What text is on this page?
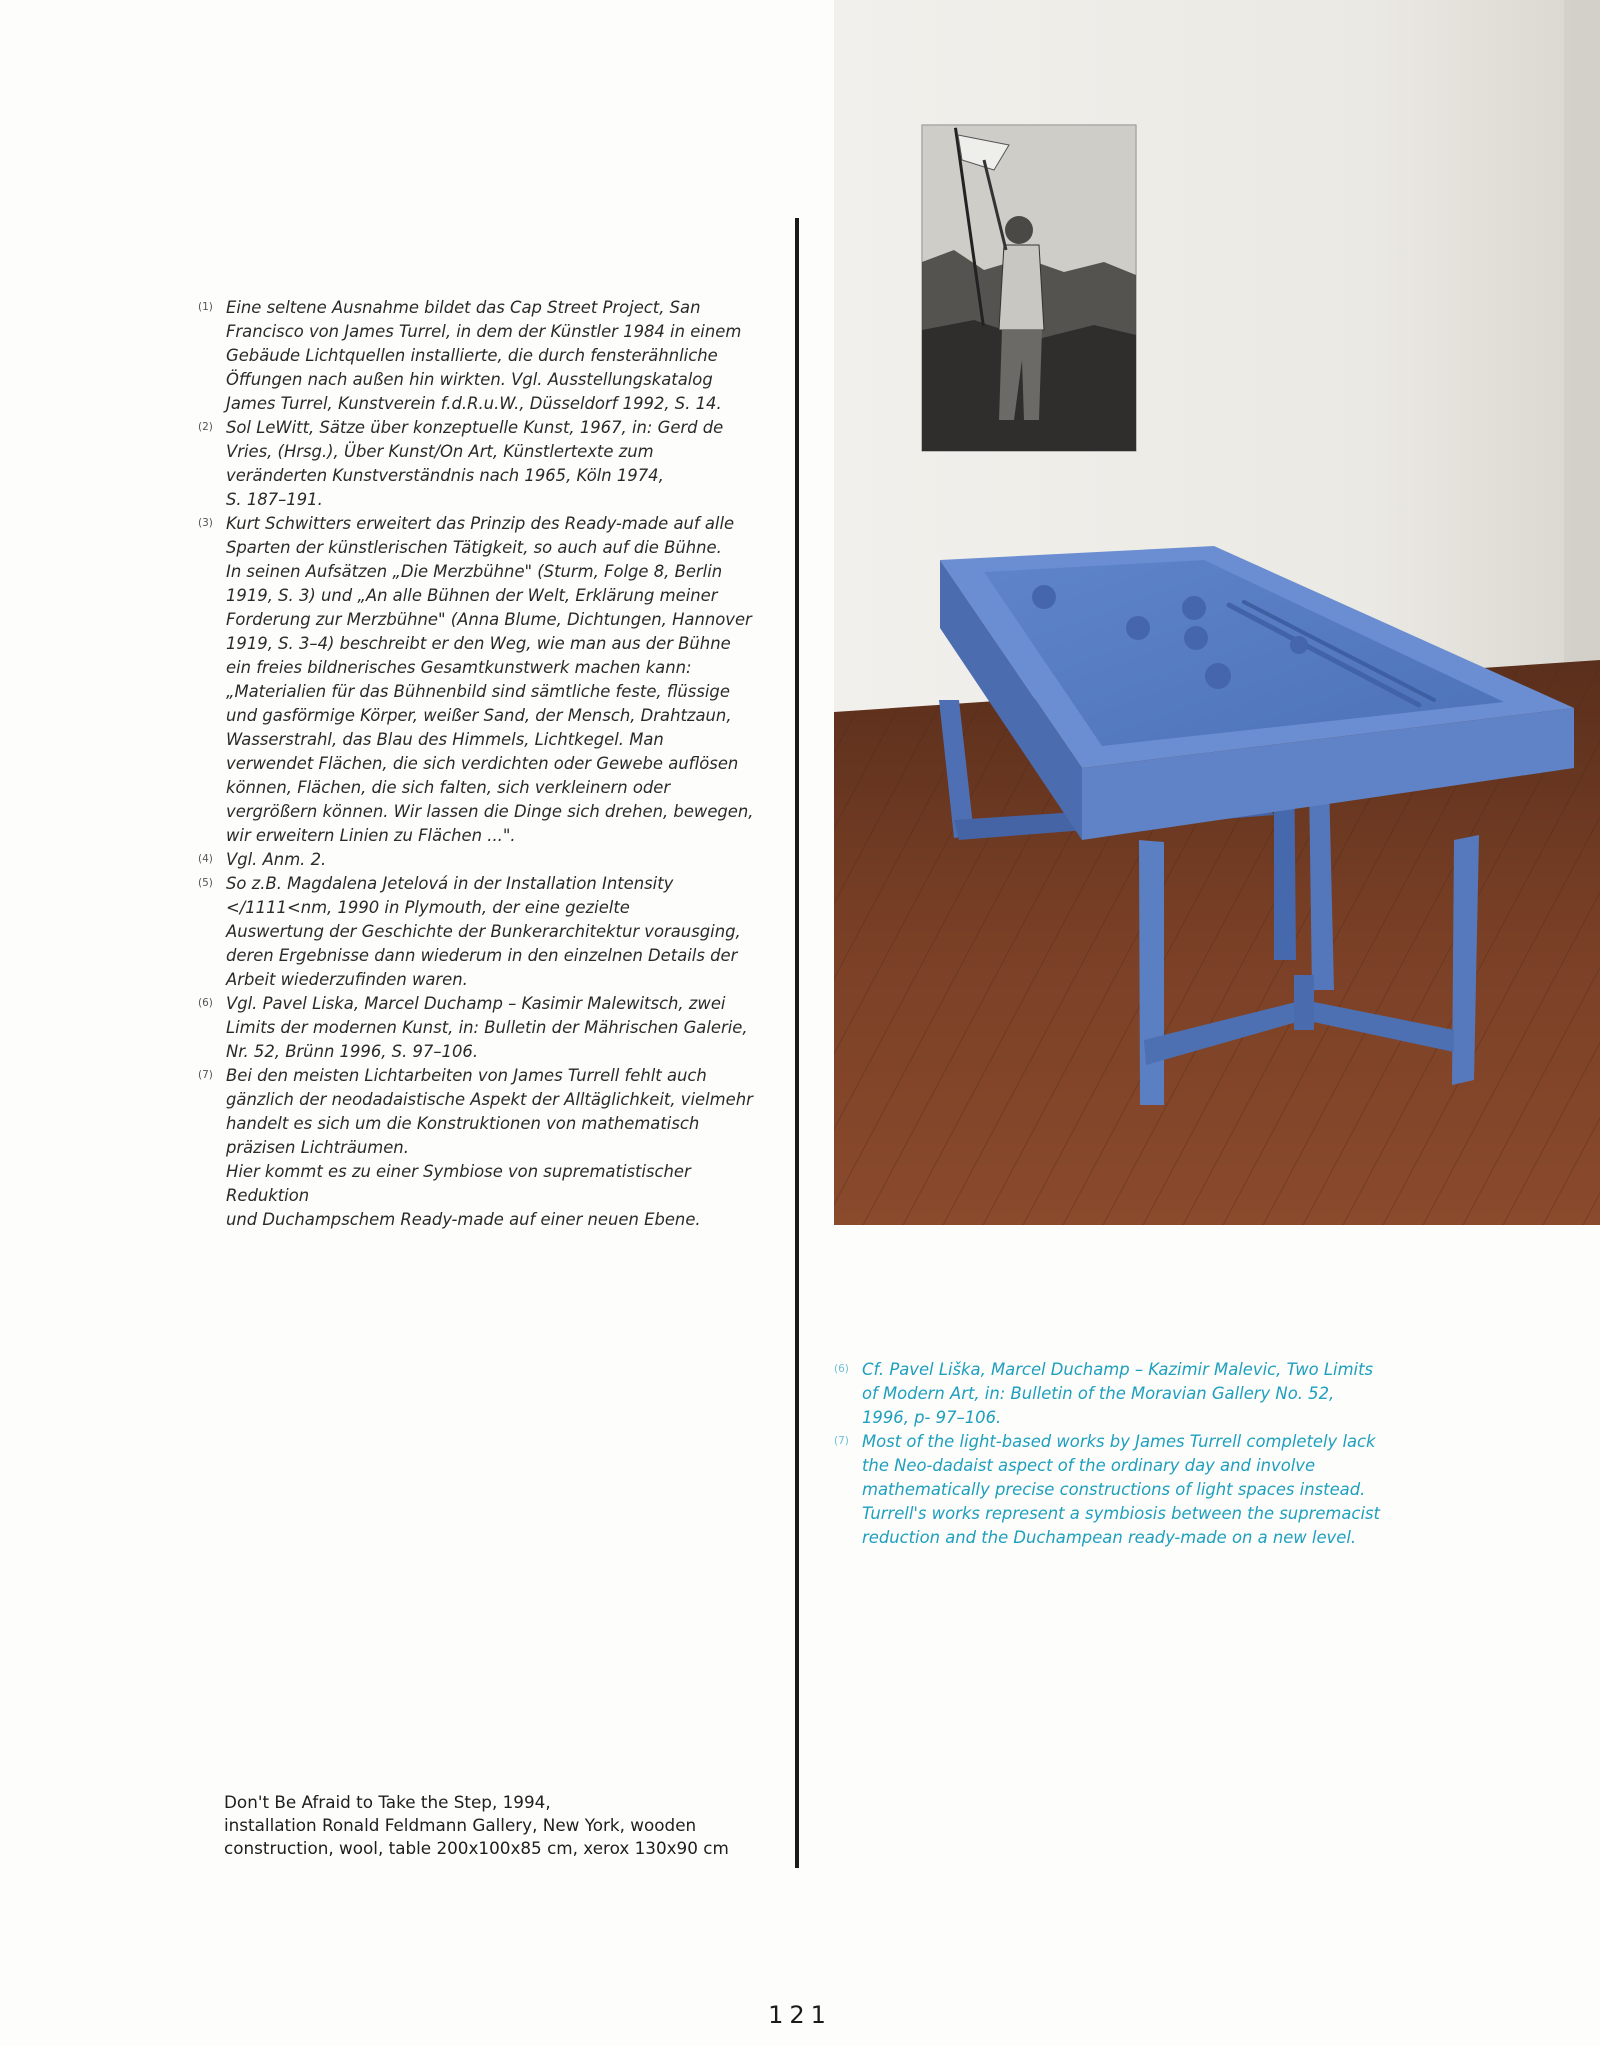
(1) Eine seltene Ausnahme bildet das Cap Street Project, San
Francisco von James Turrel, in dem der Künstler 1984 in einem
Gebäude Lichtquellen installierte, die durch fensterähnliche
Öffungen nach außen hin wirkten. Vgl. Ausstellungskatalog
James Turrel, Kunstverein f.d.R.u.W., Düsseldorf 1992, S. 14.
(2) Sol LeWitt, Sätze über konzeptuelle Kunst, 1967, in: Gerd de
Vries, (Hrsg.), Über Kunst/On Art, Künstlertexte zum
veränderten Kunstverständnis nach 1965, Köln 1974,
S. 187–191.
(3) Kurt Schwitters erweitert das Prinzip des Ready-made auf alle
Sparten der künstlerischen Tätigkeit, so auch auf die Bühne.
In seinen Aufsätzen „Die Merzbühne" (Sturm, Folge 8, Berlin
1919, S. 3) und „An alle Bühnen der Welt, Erklärung meiner
Forderung zur Merzbühne" (Anna Blume, Dichtungen, Hannover
1919, S. 3–4) beschreibt er den Weg, wie man aus der Bühne
ein freies bildnerisches Gesamtkunstwerk machen kann:
„Materialien für das Bühnenbild sind sämtliche feste, flüssige
und gasförmige Körper, weißer Sand, der Mensch, Drahtzaun,
Wasserstrahl, das Blau des Himmels, Lichtkegel. Man
verwendet Flächen, die sich verdichten oder Gewebe auflösen
können, Flächen, die sich falten, sich verkleinern oder
vergrößern können. Wir lassen die Dinge sich drehen, bewegen,
wir erweitern Linien zu Flächen ...".
(4) Vgl. Anm. 2.
(5) So z.B. Magdalena Jetelová in der Installation Intensity
</1111<nm, 1990 in Plymouth, der eine gezielte
Auswertung der Geschichte der Bunkerarchitektur vorausging,
deren Ergebnisse dann wiederum in den einzelnen Details der
Arbeit wiederzufinden waren.
(6) Vgl. Pavel Liska, Marcel Duchamp – Kasimir Malewitsch, zwei
Limits der modernen Kunst, in: Bulletin der Mährischen Galerie,
Nr. 52, Brünn 1996, S. 97–106.
(7) Bei den meisten Lichtarbeiten von James Turrell fehlt auch
gänzlich der neodadaistische Aspekt der Alltäglichkeit, vielmehr
handelt es sich um die Konstruktionen von mathematisch
präzisen Lichträumen.
Hier kommt es zu einer Symbiose von suprematistischer Reduktion
und Duchampschem Ready-made auf einer neuen Ebene.
(6) Cf. Pavel Liška, Marcel Duchamp – Kazimir Malevic, Two Limits
of Modern Art, in: Bulletin of the Moravian Gallery No. 52,
1996, p- 97–106.
(7) Most of the light-based works by James Turrell completely lack
the Neo-dadaist aspect of the ordinary day and involve
mathematically precise constructions of light spaces instead.
Turrell's works represent a symbiosis between the supremacist
reduction and the Duchampean ready-made on a new level.
Don't Be Afraid to Take the Step, 1994,
installation Ronald Feldmann Gallery, New York, wooden
construction, wool, table 200x100x85 cm, xerox 130x90 cm
121
